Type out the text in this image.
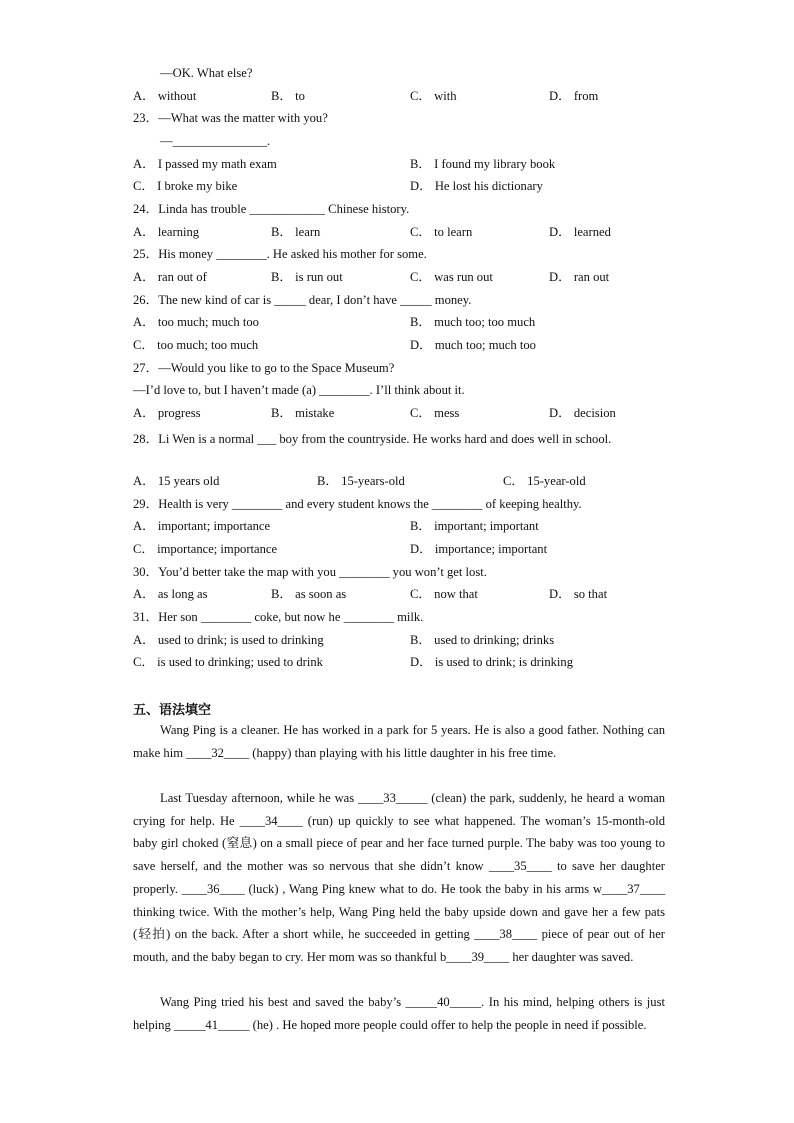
—OK. What else?
A． without	B． to	C． with	D． from
23．—What was the matter with you?
—_______________.
A． I passed my math exam	B． I found my library book
C． I broke my bike	D． He lost his dictionary
24．Linda has trouble ____________ Chinese history.
A． learning	B． learn	C． to learn	D． learned
25．His money ________. He asked his mother for some.
A． ran out of	B． is run out	C． was run out	D． ran out
26．The new kind of car is _____ dear, I don’t have _____ money.
A． too much; much too	B． much too; too much
C． too much; too much	D． much too; much too
27．—Would you like to go to the Space Museum?
—I’d love to, but I haven’t made (a) ________. I’ll think about it.
A． progress	B． mistake	C． mess	D． decision
28．Li Wen is a normal ___ boy from the countryside. He works hard and does well in school.
A． 15 years old	B． 15-years-old	C． 15-year-old
29．Health is very ________ and every student knows the ________ of keeping healthy.
A． important; importance	B． important; important
C． importance; importance	D． importance; important
30．You’d better take the map with you ________ you won’t get lost.
A． as long as	B． as soon as	C． now that	D． so that
31．Her son ________ coke, but now he ________ milk.
A． used to drink; is used to drinking	B． used to drinking; drinks
C． is used to drinking; used to drink	D． is used to drink; is drinking
五、语法填空
Wang Ping is a cleaner. He has worked in a park for 5 years. He is also a good father. Nothing can make him ____32____ (happy) than playing with his little daughter in his free time.
Last Tuesday afternoon, while he was ____33_____ (clean) the park, suddenly, he heard a woman crying for help. He ____34____ (run) up quickly to see what happened. The woman’s 15-month-old baby girl choked (窒息) on a small piece of pear and her face turned purple. The baby was too young to save herself, and the mother was so nervous that she didn’t know ____35____ to save her daughter properly. ____36____ (luck) , Wang Ping knew what to do. He took the baby in his arms w____37____ thinking twice. With the mother’s help, Wang Ping held the baby upside down and gave her a few pats (轻拍) on the back. After a short while, he succeeded in getting ____38____ piece of pear out of her mouth, and the baby began to cry. Her mom was so thankful b____39____ her daughter was saved.
Wang Ping tried his best and saved the baby’s _____40_____. In his mind, helping others is just helping _____41_____ (he) . He hoped more people could offer to help the people in need if possible.
